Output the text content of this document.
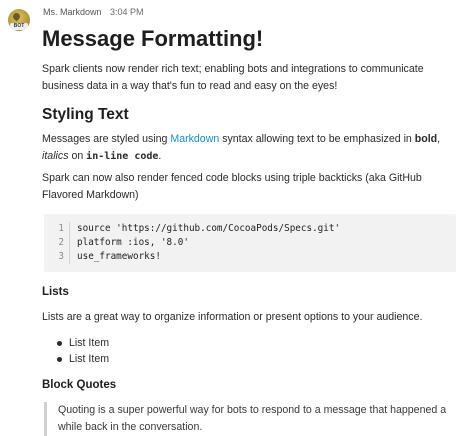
BOT
Ms. Markdown 3:04 PM
Message Formatting!

Spark clients now render rich text; enabling bots and integrations to communicate business data in a way that's fun to read and easy on the eyes!

Styling Text

Messages are styled using Markdown syntax allowing text to be emphasized in bold, italics on in-line code.

Spark can now also render fenced code blocks using triple backticks (aka GitHub Flavored Markdown)

1 source 'https://github.com/CocoaPods/Specs.git'
2 platform :ios, '8.0'
3 use_frameworks!
Lists

Lists are a great way to organize information or present options to your audience.

List Item
List Item
Block Quotes
Quoting is a super powerful way for bots to respond to a message that happened a while back in the conversation.
